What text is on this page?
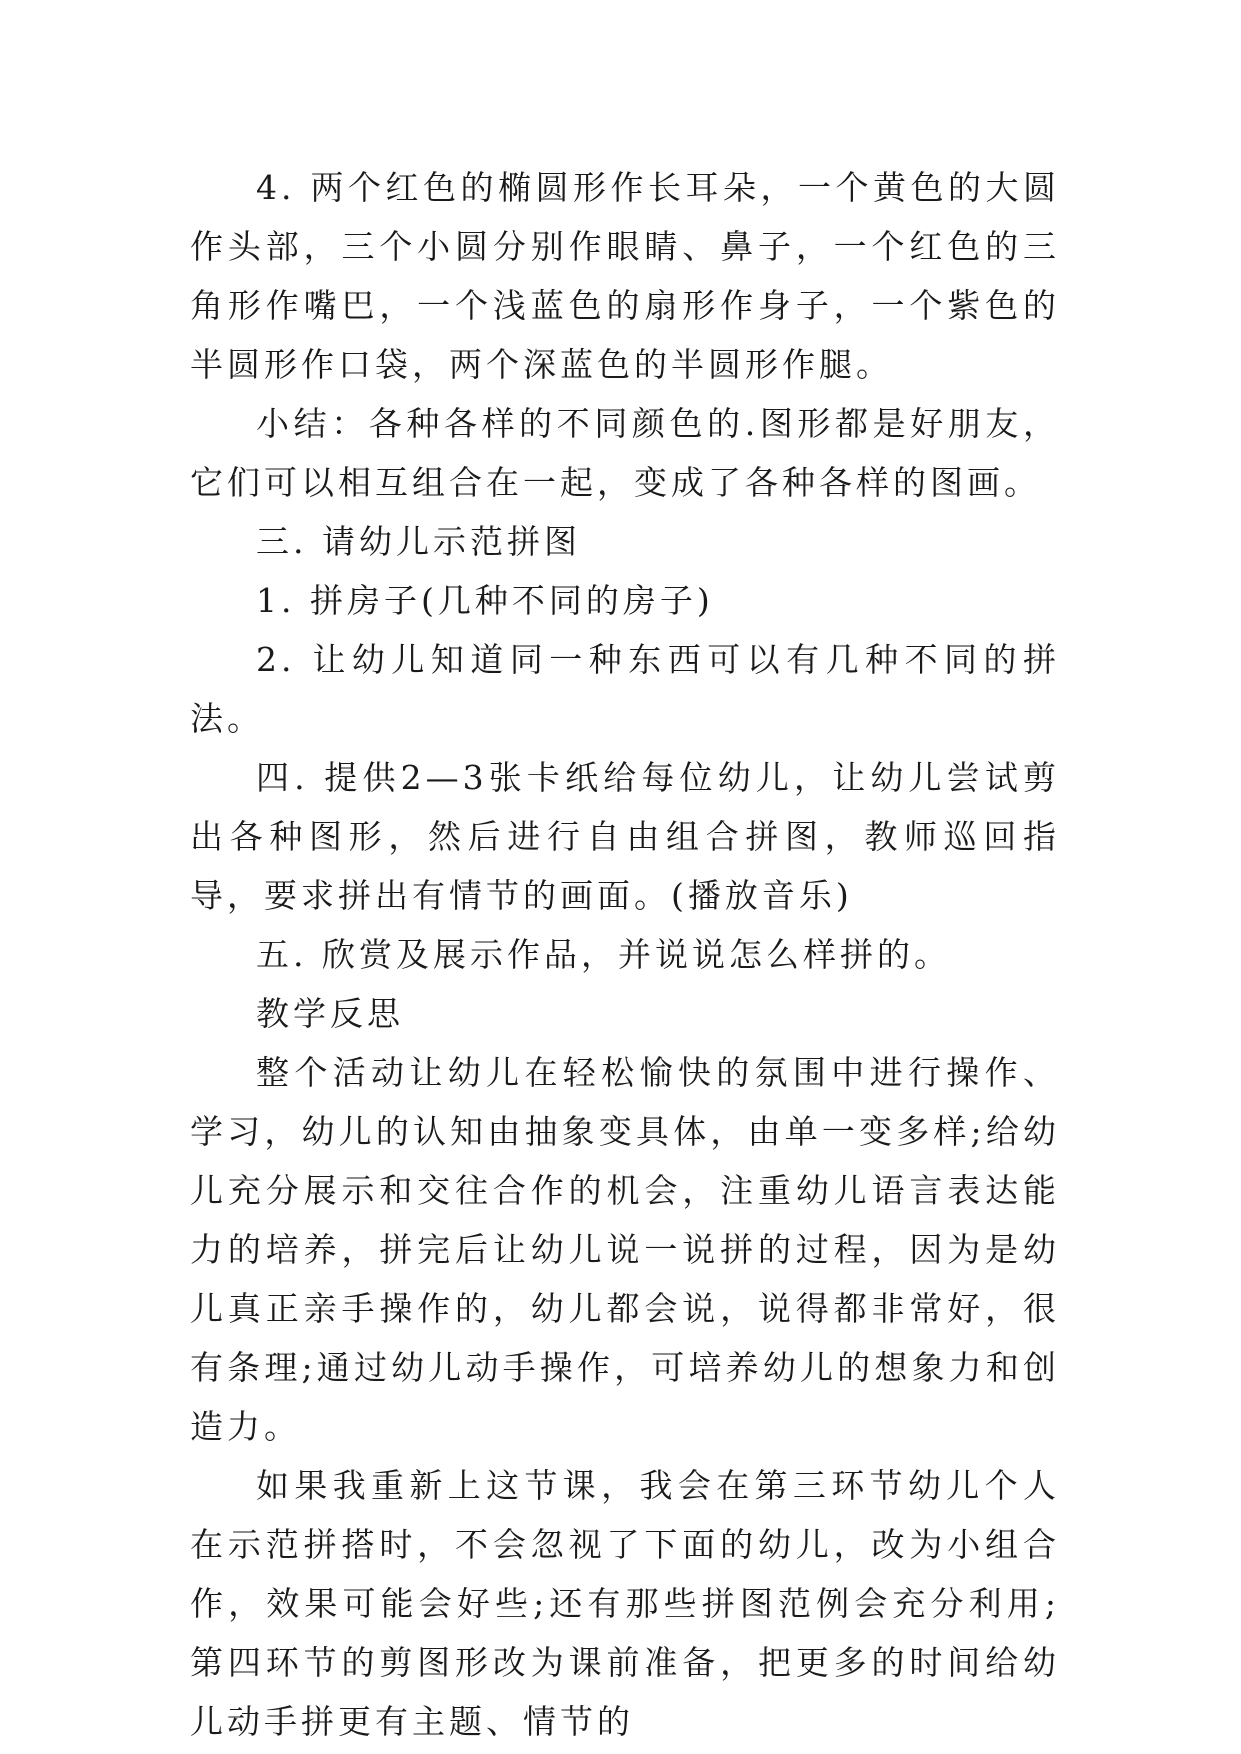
4. 两个红色的椭圆形作长耳朵，一个黄色的大圆作头部，三个小圆分别作眼睛、鼻子，一个红色的三角形作嘴巴，一个浅蓝色的扇形作身子，一个紫色的半圆形作口袋，两个深蓝色的半圆形作腿。

小结：各种各样的不同颜色的.图形都是好朋友，它们可以相互组合在一起，变成了各种各样的图画。

三. 请幼儿示范拼图

1. 拼房子(几种不同的房子)

2. 让幼儿知道同一种东西可以有几种不同的拼法。

四. 提供2—3张卡纸给每位幼儿，让幼儿尝试剪出各种图形，然后进行自由组合拼图，教师巡回指导，要求拼出有情节的画面。(播放音乐)

五. 欣赏及展示作品，并说说怎么样拼的。

教学反思

整个活动让幼儿在轻松愉快的氛围中进行操作、学习，幼儿的认知由抽象变具体，由单一变多样;给幼儿充分展示和交往合作的机会，注重幼儿语言表达能力的培养，拼完后让幼儿说一说拼的过程，因为是幼儿真正亲手操作的，幼儿都会说，说得都非常好，很有条理;通过幼儿动手操作，可培养幼儿的想象力和创造力。

如果我重新上这节课，我会在第三环节幼儿个人在示范拼搭时，不会忽视了下面的幼儿，改为小组合作，效果可能会好些;还有那些拼图范例会充分利用;第四环节的剪图形改为课前准备，把更多的时间给幼儿动手拼更有主题、情节的
